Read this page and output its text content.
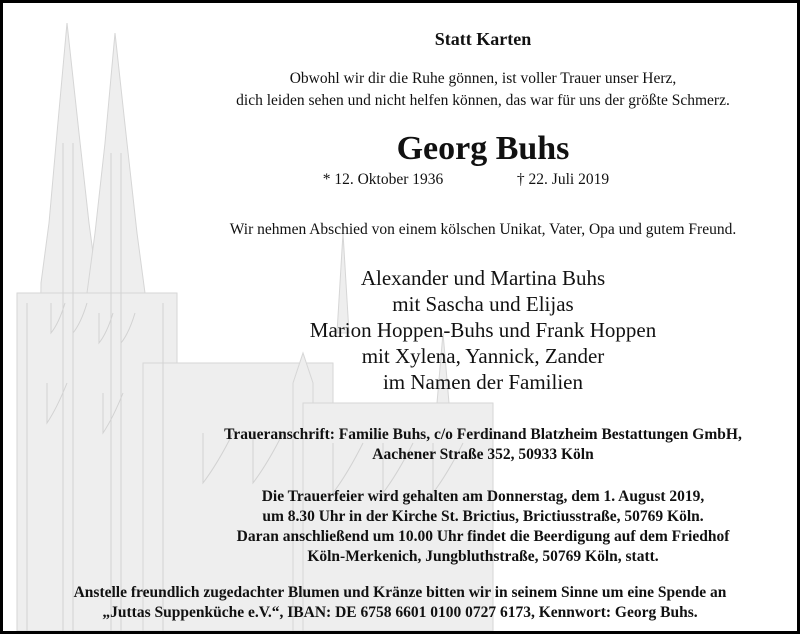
Statt Karten
Obwohl wir dir die Ruhe gönnen, ist voller Trauer unser Herz,
dich leiden sehen und nicht helfen können, das war für uns der größte Schmerz.
Georg Buhs
* 12. Oktober 1936	† 22. Juli 2019
Wir nehmen Abschied von einem kölschen Unikat, Vater, Opa und gutem Freund.
Alexander und Martina Buhs
mit Sascha und Elijas
Marion Hoppen-Buhs und Frank Hoppen
mit Xylena, Yannick, Zander
im Namen der Familien
Traueranschrift: Familie Buhs, c/o Ferdinand Blatzheim Bestattungen GmbH,
Aachener Straße 352, 50933 Köln
Die Trauerfeier wird gehalten am Donnerstag, dem 1. August 2019,
um 8.30 Uhr in der Kirche St. Brictius, Brictiusstraße, 50769 Köln.
Daran anschließend um 10.00 Uhr findet die Beerdigung auf dem Friedhof
Köln-Merkenich, Jungbluthstraße, 50769 Köln, statt.
Anstelle freundlich zugedachter Blumen und Kränze bitten wir in seinem Sinne um eine Spende an
„Juttas Suppenküche e.V.“, IBAN: DE 6758 6601 0100 0727 6173, Kennwort: Georg Buhs.
